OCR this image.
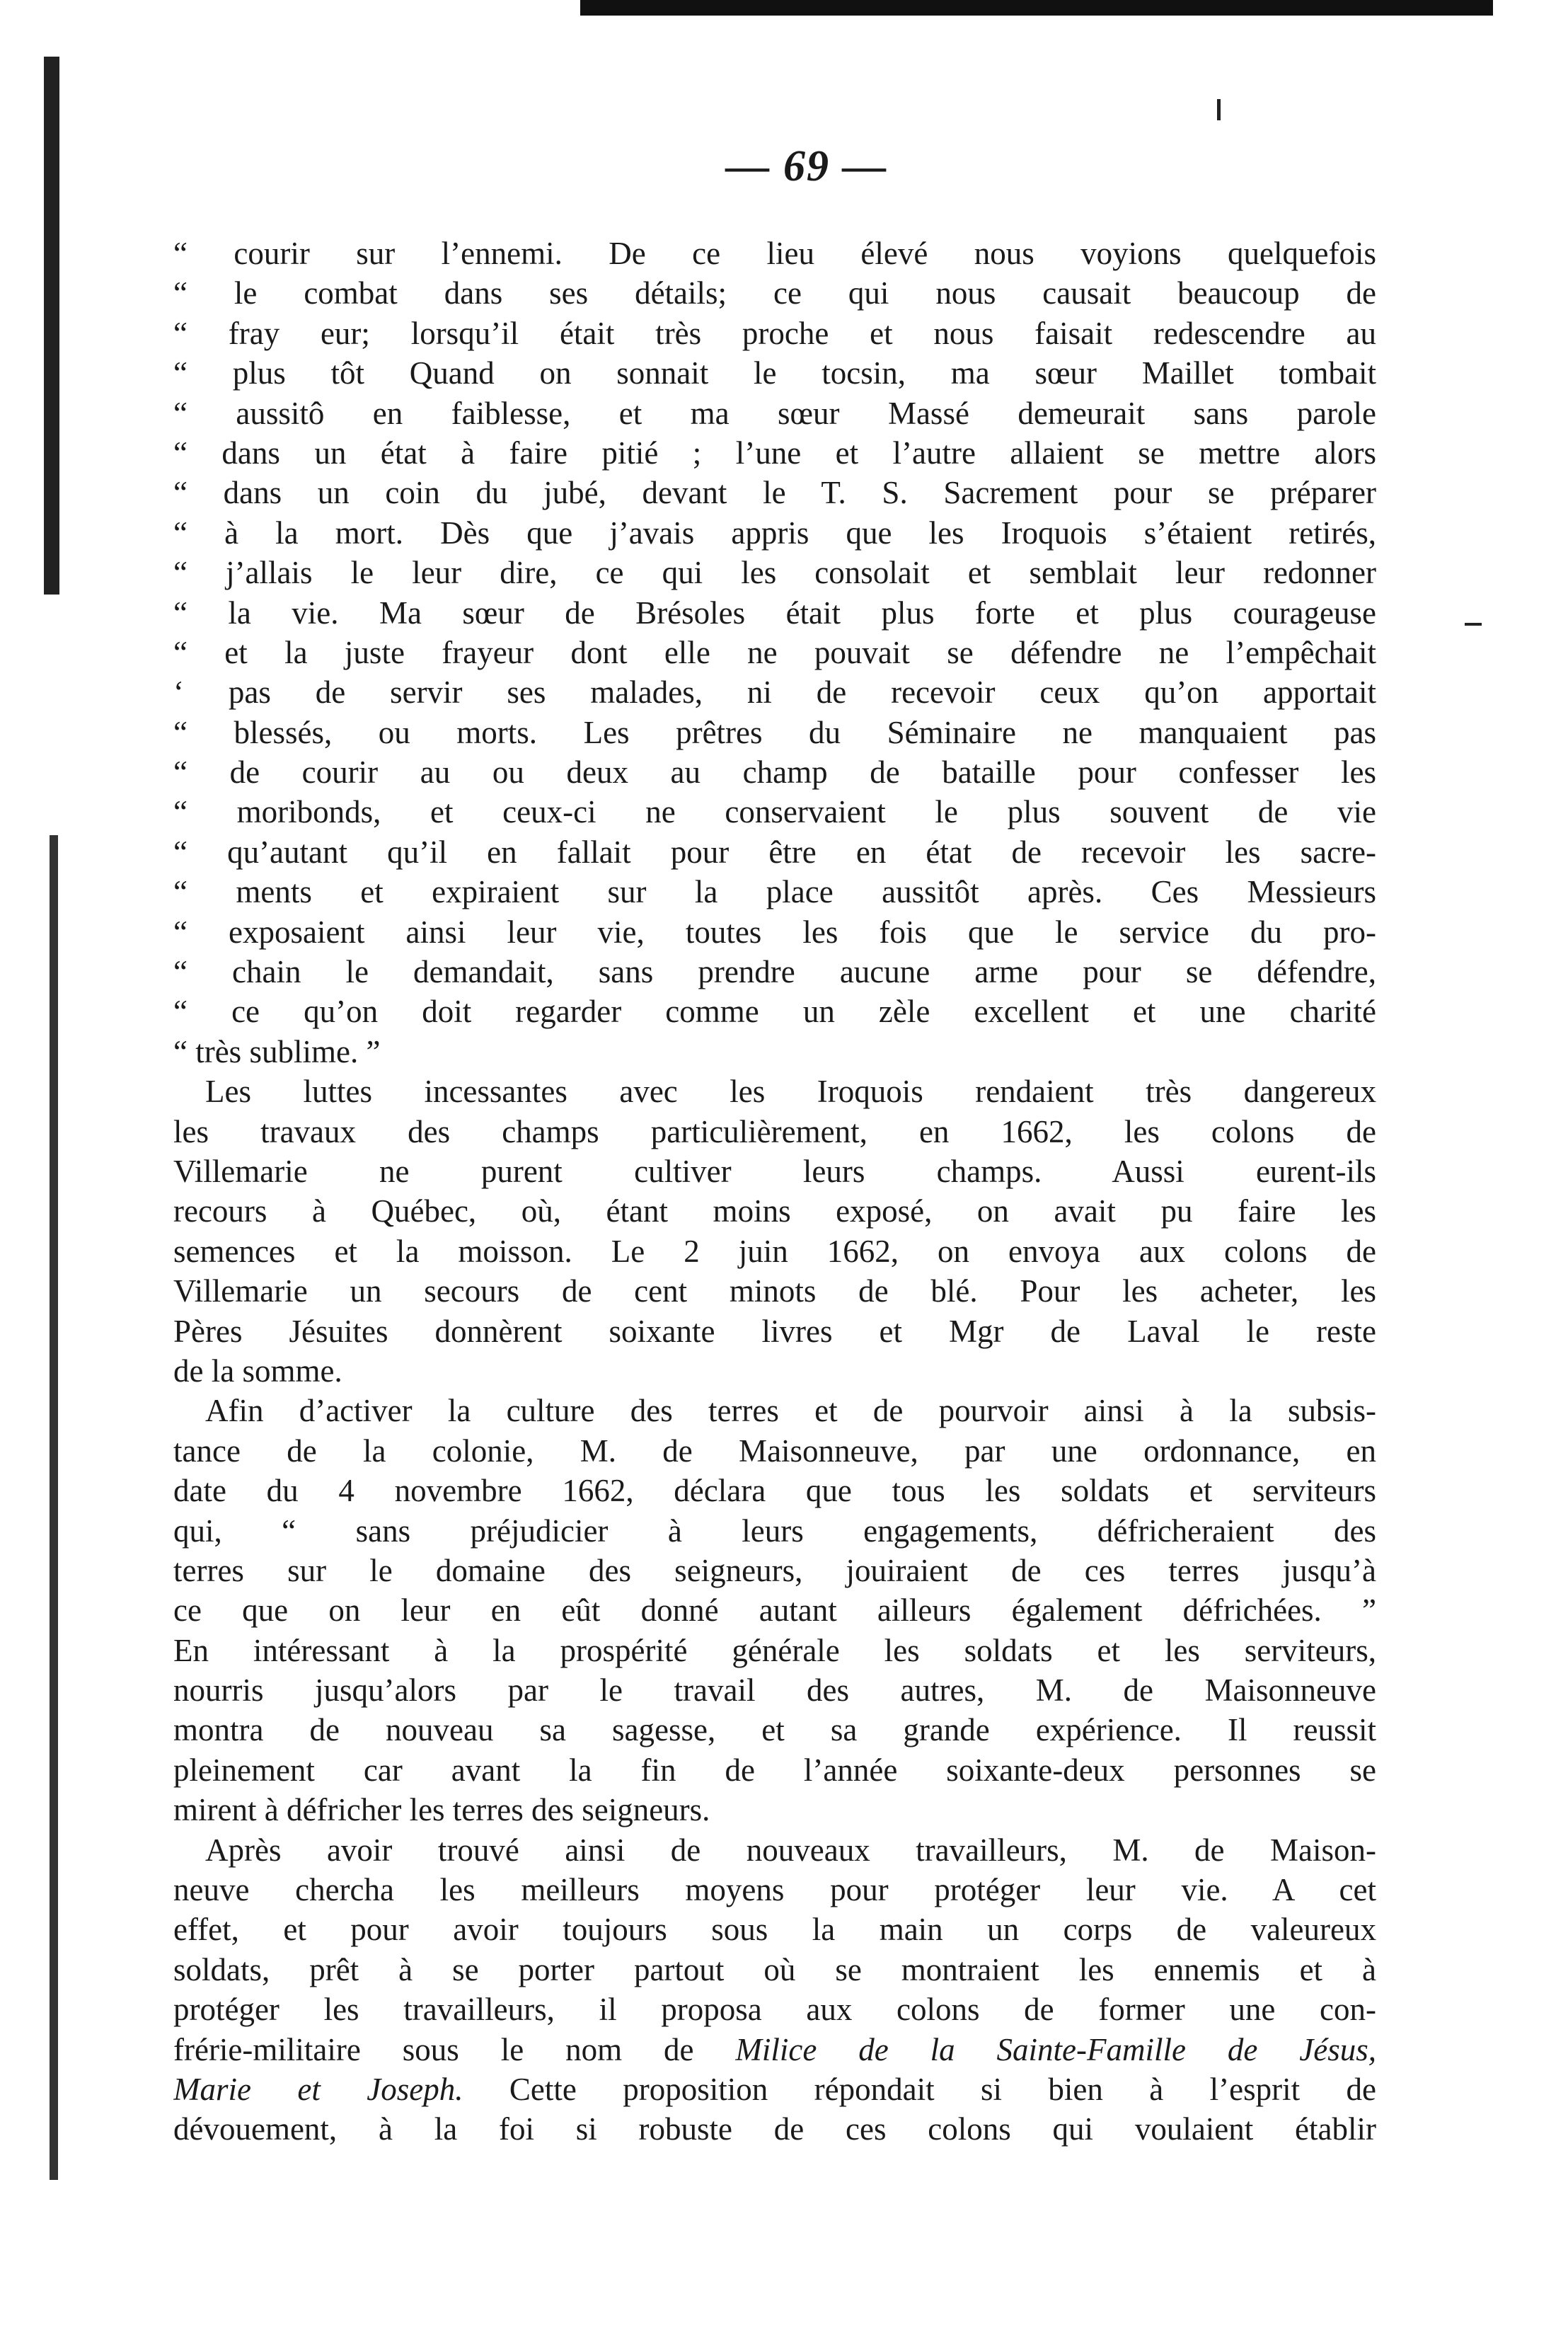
— 69 —
“ courir sur l’ennemi. De ce lieu élevé nous voyions quelquefois
“ le combat dans ses détails; ce qui nous causait beaucoup de
“ fray eur; lorsqu’il était très proche et nous faisait redescendre au
“ plus tôt Quand on sonnait le tocsin, ma sœur Maillet tombait
“ aussitô en faiblesse, et ma sœur Massé demeurait sans parole
“ dans un état à faire pitié ; l’une et l’autre allaient se mettre alors
“ dans un coin du jubé, devant le T. S. Sacrement pour se préparer
“ à la mort. Dès que j’avais appris que les Iroquois s’étaient retirés,
“ j’allais le leur dire, ce qui les consolait et semblait leur redonner
“ la vie. Ma sœur de Brésoles était plus forte et plus courageuse
“ et la juste frayeur dont elle ne pouvait se défendre ne l’empêchait
‘ pas de servir ses malades, ni de recevoir ceux qu’on apportait
“ blessés, ou morts. Les prêtres du Séminaire ne manquaient pas
“ de courir au ou deux au champ de bataille pour confesser les
“ moribonds, et ceux-ci ne conservaient le plus souvent de vie
“ qu’autant qu’il en fallait pour être en état de recevoir les sacre-
“ ments et expiraient sur la place aussitôt après. Ces Messieurs
“ exposaient ainsi leur vie, toutes les fois que le service du pro-
“ chain le demandait, sans prendre aucune arme pour se défendre,
“ ce qu’on doit regarder comme un zèle excellent et une charité
“ très sublime. ”
Les luttes incessantes avec les Iroquois rendaient très dangereux
les travaux des champs particulièrement, en 1662, les colons de
Villemarie ne purent cultiver leurs champs. Aussi eurent-ils
recours à Québec, où, étant moins exposé, on avait pu faire les
semences et la moisson. Le 2 juin 1662, on envoya aux colons de
Villemarie un secours de cent minots de blé. Pour les acheter, les
Pères Jésuites donnèrent soixante livres et Mgr de Laval le reste
de la somme.
Afin d’activer la culture des terres et de pourvoir ainsi à la subsis-
tance de la colonie, M. de Maisonneuve, par une ordonnance, en
date du 4 novembre 1662, déclara que tous les soldats et serviteurs
qui, “ sans préjudicier à leurs engagements, défricheraient des
terres sur le domaine des seigneurs, jouiraient de ces terres jusqu’à
ce que on leur en eût donné autant ailleurs également défrichées. ”
En intéressant à la prospérité générale les soldats et les serviteurs,
nourris jusqu’alors par le travail des autres, M. de Maisonneuve
montra de nouveau sa sagesse, et sa grande expérience. Il reussit
pleinement car avant la fin de l’année soixante-deux personnes se
mirent à défricher les terres des seigneurs.
Après avoir trouvé ainsi de nouveaux travailleurs, M. de Maison-
neuve chercha les meilleurs moyens pour protéger leur vie. A cet
effet, et pour avoir toujours sous la main un corps de valeureux
soldats, prêt à se porter partout où se montraient les ennemis et à
protéger les travailleurs, il proposa aux colons de former une con-
frérie-militaire sous le nom de Milice de la Sainte-Famille de Jésus,
Marie et Joseph. Cette proposition répondait si bien à l’esprit de
dévouement, à la foi si robuste de ces colons qui voulaient établir
